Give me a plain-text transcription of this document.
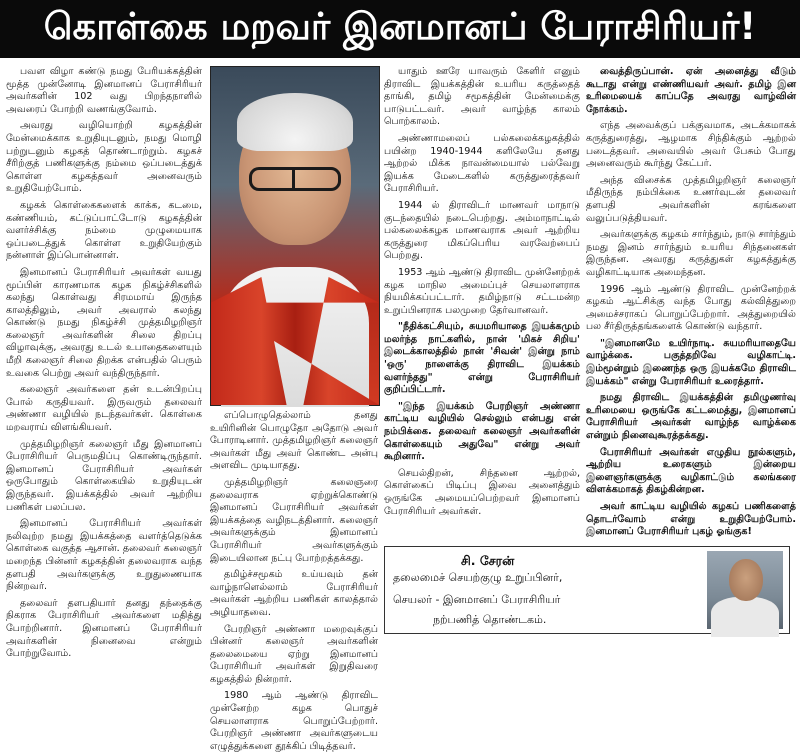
கொள்கை மறவர் இனமானப் பேராசிரியர்!

பவள விழா கண்டு நமது பேரியக்கத்தின் மூத்த முன்னோடி இனமானப் பேராசிரியர் அவர்களின் 102 வது பிறந்தநாளில் அவரைப் போற்றி வணங்குவோம்.

அவரது வழியொற்றி கழகத்தின் மேன்மைக்காக உறுதியுடனும், நமது மொழி பற்றுடனும் கழகத் தொண்டாற்றும். கழகச் சீரிற்குத் பணிகளுக்கு நம்மை ஒப்படைத்துக் கொள்ள கழகத்தவர் அனைவரும் உறுதியேற்போம்.

கழகக் கொள்கைகளைக் காக்க, கடமை, கண்ணியம், கட்டுப்பாட்டோடு கழகத்தின் வளர்ச்சிக்கு நம்மை முழுமையாக ஒப்படைத்துக் கொள்ள உறுதியேற்கும் நன்னாள் இப்பொன்னாள்.

இனமானப் பேராசிரியர் அவர்கள் வயது மூப்பின் காரணமாக கழக நிகழ்ச்சிகளில் கலந்து கொள்வது சிரமமாய் இருந்த காலத்திலும், அவர் அவரால் கலந்து கொண்டு நமது நிகழ்ச்சி முத்தமிழறிஞர் கலைஞர் அவர்களின் சிலை திறப்பு விழாவுக்கு, அவரது உடல் உபாதைகளையும் மீறி கலைஞர் சிலை திறக்க என்பதில் பெரும் உவகை பெற்று அவர் வந்திருந்தார்.

கலைஞர் அவர்களை தன் உடன்பிறப்பு போல் கருதியவர். இருவரும் தலைவர் அண்ணா வழியில் நடந்தவர்கள். கொள்கை மறவராய் விளங்கியவர்.

முத்தமிழறிஞர் கலைஞர் மீது இனமானப் பேராசிரியர் பெருமதிப்பு கொண்டிருந்தார். இனமானப் பேராசிரியர் அவர்கள் ஒருபோதும் கொள்கையில் உறுதியுடன் இருந்தவர். இயக்கத்தில் அவர் ஆற்றிய பணிகள் பலப்பல.

இனமானப் பேராசிரியர் அவர்கள் நலிவுற்ற நமது இயக்கத்தை வளர்த்தெடுக்க கொள்கை வகுத்த ஆசான். தலைவர் கலைஞர் மறைந்த பின்னர் கழகத்தின் தலைவராக வந்த தளபதி அவர்களுக்கு உறுதுணையாக நின்றவர்.

தலைவர் தளபதியார் தனது தந்தைக்கு நிகராக பேராசிரியர் அவர்களை மதித்து போற்றினார். இனமானப் பேராசிரியர் அவர்களின் நினைவை என்றும் போற்றுவோம்.

எப்பொழுதெல்லாம் தனது உயிரினின் பொழுதோ அதோடு அவர் போராடினார். முத்தமிழறிஞர் கலைஞர் அவர்கள் மீது அவர் கொண்ட அன்பு அளவிட முடியாதது.

முத்தமிழறிஞர் கலைஞரை தலைவராக ஏற்றுக்கொண்டு இனமானப் பேராசிரியர் அவர்கள் இயக்கத்தை வழிநடத்தினார். கலைஞர் அவர்களுக்கும் இனமானப் பேராசிரியர் அவர்களுக்கும் இடையிலான நட்பு போற்றத்தக்கது.

தமிழ்ச்சமூகம் உய்யவும் தன் வாழ்நாளெல்லாம் பேராசிரியர் அவர்கள் ஆற்றிய பணிகள் காலத்தால் அழியாதவை.

பேரறிஞர் அண்ணா மறைவுக்குப் பின்னர் கலைஞர் அவர்களின் தலைமையை ஏற்று இனமானப் பேராசிரியர் அவர்கள் இறுதிவரை கழகத்தில் நின்றார்.

1980 ஆம் ஆண்டு திராவிட முன்னேற்ற கழக பொதுச் செயலாளராக பொறுப்பேற்றார். பேரறிஞர் அண்ணா அவர்களுடைய எழுத்துக்களை தூக்கிப் பிடித்தவர்.

யாதும் ஊரே யாவரும் கேளிர் எனும் திராவிட இயக்கத்தின் உயரிய கருத்தைத் தாங்கி, தமிழ் சமூகத்தின் மேன்மைக்கு பாடுபட்டவர். அவர் வாழ்ந்த காலம் பொற்காலம்.

அண்ணாமலைப் பல்கலைக்கழகத்தில் பயின்ற 1940-1944 களிலேயே தனது ஆற்றல் மிக்க நாவன்மையால் பல்வேறு இயக்க மேடைகளில் கருத்துரைத்தவர் பேராசிரியர்.

1944 ல் திராவிடர் மாணவர் மாநாடு குடந்தையில் நடைபெற்றது. அம்மாநாட்டில் பல்கலைக்கழக மாணவராக அவர் ஆற்றிய கருத்துரை மிகப்பெரிய வரவேற்பைப் பெற்றது.

1953 ஆம் ஆண்டு திராவிட முன்னேற்றக் கழக மாநில அமைப்புச் செயலாளராக நியமிக்கப்பட்டார். தமிழ்நாடு சட்டமன்ற உறுப்பினராக பலமுறை தேர்வானவர்.

"நீதிக்கட்சியும், சுயமரியாதை இயக்கமும் மலர்ந்த நாட்களில், நான் 'மிகச் சிறிய' இடைக்காலத்தில் நான் 'சிவன்' இன்று நாம் 'ஒரு' நாளைக்கு திராவிட இயக்கம் வளர்ந்தது" என்று பேராசிரியர் குறிப்பிட்டார்.

"இந்த இயக்கம் பேரறிஞர் அண்ணா காட்டிய வழியில் செல்லும் என்பது என் நம்பிக்கை. தலைவர் கலைஞர் அவர்களின் கொள்கையும் அதுவே" என்று அவர் கூறினார்.

செயல்திறன், சிந்தனை ஆற்றல், கொள்கைப் பிடிப்பு இவை அனைத்தும் ஒருங்கே அமையப்பெற்றவர் இனமானப் பேராசிரியர் அவர்கள்.

வைத்திருப்பான். ஏன் அனைத்து வீடும் கூடாது என்று எண்ணியவர் அவர். தமிழ் இன உரிமையைக் காப்பதே அவரது வாழ்வின் நோக்கம்.

எந்த அவைக்குப் பக்குவமாக, அடக்கமாகக் கருத்துரைத்து, ஆழமாக சிந்திக்கும் ஆற்றல் படைத்தவர். அவையில் அவர் பேசும் போது அனைவரும் கூர்ந்து கேட்பர்.

அந்த விசைக்க முத்தமிழறிஞர் கலைஞர் மீதிருந்த நம்பிக்கை உணர்வுடன் தலைவர் தளபதி அவர்களின் கரங்களை வலுப்படுத்தியவர்.

அவர்களுக்கு கழகம் சார்ந்தும், நாடு சார்ந்தும் நமது இனம் சார்ந்தும் உயரிய சிந்தனைகள் இருந்தன. அவரது கருத்துகள் கழகத்துக்கு வழிகாட்டியாக அமைந்தன.

1996 ஆம் ஆண்டு திராவிட முன்னேற்றக் கழகம் ஆட்சிக்கு வந்த போது கல்வித்துறை அமைச்சராகப் பொறுப்பேற்றார். அத்துறையில் பல சீர்திருத்தங்களைக் கொண்டு வந்தார்.

"இனமானமே உயிர்நாடி. சுயமரியாதையே வாழ்க்கை. பகுத்தறிவே வழிகாட்டி. இம்மூன்றும் இணைந்த ஒரு இயக்கமே திராவிட இயக்கம்" என்று பேராசிரியர் உரைத்தார்.

நமது திராவிட இயக்கத்தின் தமிழுணர்வு உரிமையை ஒருங்கே கட்டமைத்து, இனமானப் பேராசிரியர் அவர்கள் வாழ்ந்த வாழ்க்கை என்றும் நினைவுகூரத்தக்கது.

பேராசிரியர் அவர்கள் எழுதிய நூல்களும், ஆற்றிய உரைகளும் இன்றைய இளைஞர்களுக்கு வழிகாட்டும் கலங்கரை விளக்கமாகத் திகழ்கின்றன.

அவர் காட்டிய வழியில் கழகப் பணிகளைத் தொடர்வோம் என்று உறுதியேற்போம். இனமானப் பேராசிரியர் புகழ் ஓங்குக!

சி. சேரன்
தலைமைச் செயற்குழு உறுப்பினர்,
செயலர் - இனமானப் பேராசிரியர்
நற்பணித் தொண்டகம்.
